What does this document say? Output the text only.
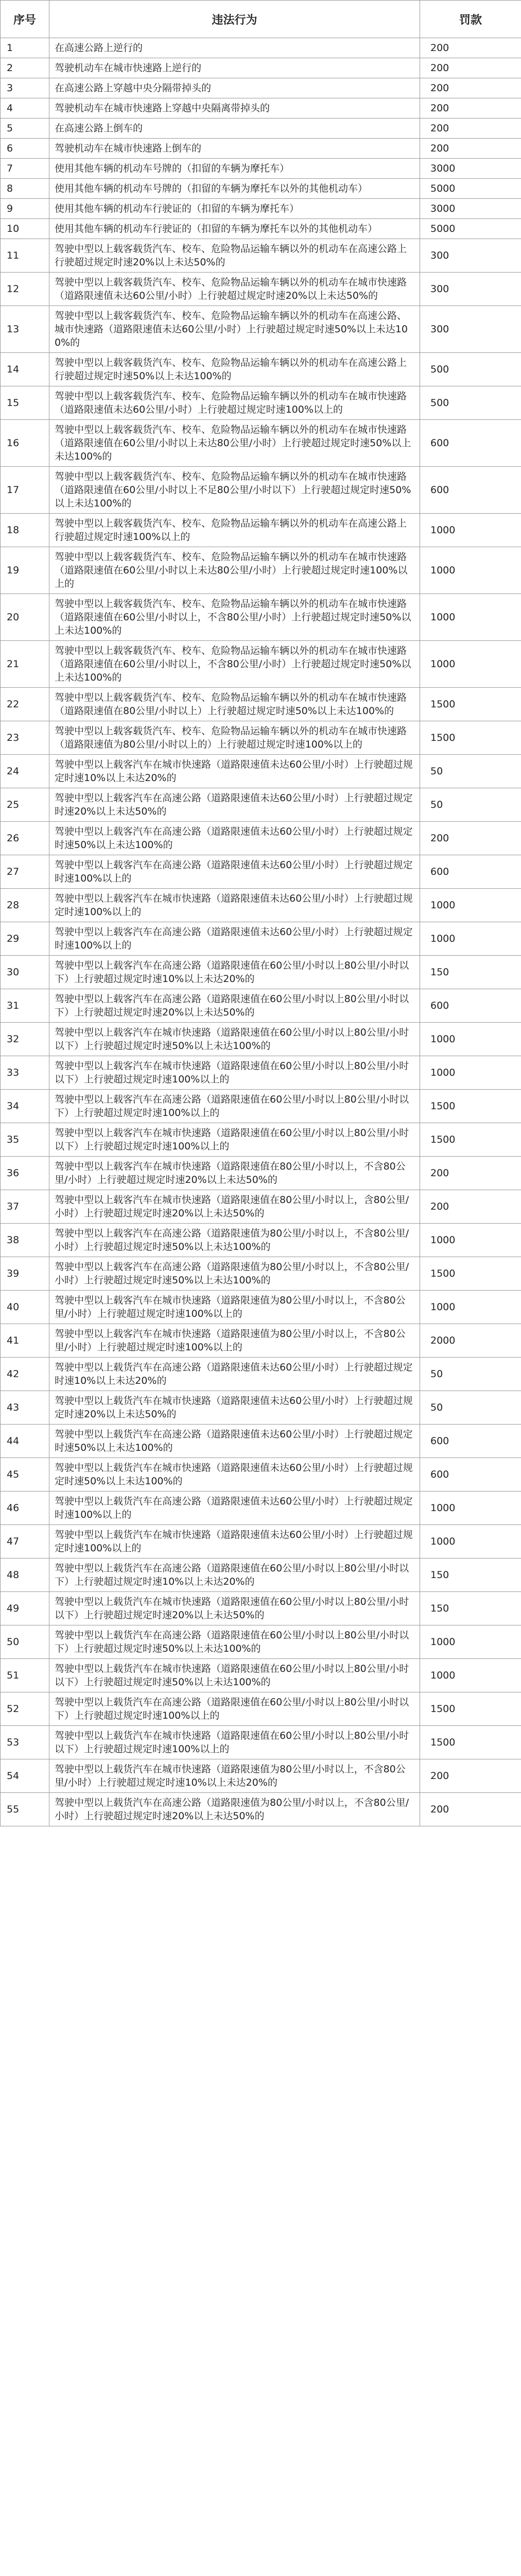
序号	违法行为	罚款
1	在高速公路上逆行的	200
2	驾驶机动车在城市快速路上逆行的	200
3	在高速公路上穿越中央分隔带掉头的	200
4	驾驶机动车在城市快速路上穿越中央隔离带掉头的	200
5	在高速公路上倒车的	200
6	驾驶机动车在城市快速路上倒车的	200
7	使用其他车辆的机动车号牌的（扣留的车辆为摩托车）	3000
8	使用其他车辆的机动车号牌的（扣留的车辆为摩托车以外的其他机动车）	5000
9	使用其他车辆的机动车行驶证的（扣留的车辆为摩托车）	3000
10	使用其他车辆的机动车行驶证的（扣留的车辆为摩托车以外的其他机动车）	5000
11	驾驶中型以上载客载货汽车、校车、危险物品运输车辆以外的机动车在高速公路上行驶超过规定时速20%以上未达50%的	300
12	驾驶中型以上载客载货汽车、校车、危险物品运输车辆以外的机动车在城市快速路（道路限速值未达60公里/小时）上行驶超过规定时速20%以上未达50%的	300
13	驾驶中型以上载客载货汽车、校车、危险物品运输车辆以外的机动车在高速公路、城市快速路（道路限速值未达60公里/小时）上行驶超过规定时速50%以上未达100%的	300
14	驾驶中型以上载客载货汽车、校车、危险物品运输车辆以外的机动车在高速公路上行驶超过规定时速50%以上未达100%的	500
15	驾驶中型以上载客载货汽车、校车、危险物品运输车辆以外的机动车在城市快速路（道路限速值未达60公里/小时）上行驶超过规定时速100%以上的	500
16	驾驶中型以上载客载货汽车、校车、危险物品运输车辆以外的机动车在城市快速路（道路限速值在60公里/小时以上未达80公里/小时）上行驶超过规定时速50%以上未达100%的	600
17	驾驶中型以上载客载货汽车、校车、危险物品运输车辆以外的机动车在城市快速路（道路限速值在60公里/小时以上不足80公里/小时以下）上行驶超过规定时速50%以上未达100%的	600
18	驾驶中型以上载客载货汽车、校车、危险物品运输车辆以外的机动车在高速公路上行驶超过规定时速100%以上的	1000
19	驾驶中型以上载客载货汽车、校车、危险物品运输车辆以外的机动车在城市快速路（道路限速值在60公里/小时以上未达80公里/小时）上行驶超过规定时速100%以上的	1000
20	驾驶中型以上载客载货汽车、校车、危险物品运输车辆以外的机动车在城市快速路（道路限速值在60公里/小时以上，不含80公里/小时）上行驶超过规定时速50%以上未达100%的	1000
21	驾驶中型以上载客载货汽车、校车、危险物品运输车辆以外的机动车在城市快速路（道路限速值在60公里/小时以上，不含80公里/小时）上行驶超过规定时速50%以上未达100%的	1000
22	驾驶中型以上载客载货汽车、校车、危险物品运输车辆以外的机动车在城市快速路（道路限速值在80公里/小时以上）上行驶超过规定时速50%以上未达100%的	1500
23	驾驶中型以上载客载货汽车、校车、危险物品运输车辆以外的机动车在城市快速路（道路限速值为80公里/小时以上的）上行驶超过规定时速100%以上的	1500
24	驾驶中型以上载客汽车在城市快速路（道路限速值未达60公里/小时）上行驶超过规定时速10%以上未达20%的	50
25	驾驶中型以上载客汽车在高速公路（道路限速值未达60公里/小时）上行驶超过规定时速20%以上未达50%的	50
26	驾驶中型以上载客汽车在高速公路（道路限速值未达60公里/小时）上行驶超过规定时速50%以上未达100%的	200
27	驾驶中型以上载客汽车在高速公路（道路限速值未达60公里/小时）上行驶超过规定时速100%以上的	600
28	驾驶中型以上载客汽车在城市快速路（道路限速值未达60公里/小时）上行驶超过规定时速100%以上的	1000
29	驾驶中型以上载客汽车在高速公路（道路限速值未达60公里/小时）上行驶超过规定时速100%以上的	1000
30	驾驶中型以上载客汽车在高速公路（道路限速值在60公里/小时以上80公里/小时以下）上行驶超过规定时速10%以上未达20%的	150
31	驾驶中型以上载客汽车在高速公路（道路限速值在60公里/小时以上80公里/小时以下）上行驶超过规定时速20%以上未达50%的	600
32	驾驶中型以上载客汽车在城市快速路（道路限速值在60公里/小时以上80公里/小时以下）上行驶超过规定时速50%以上未达100%的	1000
33	驾驶中型以上载客汽车在城市快速路（道路限速值在60公里/小时以上80公里/小时以下）上行驶超过规定时速100%以上的	1000
34	驾驶中型以上载客汽车在高速公路（道路限速值在60公里/小时以上80公里/小时以下）上行驶超过规定时速100%以上的	1500
35	驾驶中型以上载客汽车在城市快速路（道路限速值在60公里/小时以上80公里/小时以下）上行驶超过规定时速100%以上的	1500
36	驾驶中型以上载客汽车在城市快速路（道路限速值在80公里/小时以上，不含80公里/小时）上行驶超过规定时速20%以上未达50%的	200
37	驾驶中型以上载客汽车在城市快速路（道路限速值在80公里/小时以上，含80公里/小时）上行驶超过规定时速20%以上未达50%的	200
38	驾驶中型以上载客汽车在高速公路（道路限速值为80公里/小时以上，不含80公里/小时）上行驶超过规定时速50%以上未达100%的	1000
39	驾驶中型以上载客汽车在高速公路（道路限速值为80公里/小时以上，不含80公里/小时）上行驶超过规定时速50%以上未达100%的	1500
40	驾驶中型以上载客汽车在城市快速路（道路限速值为80公里/小时以上，不含80公里/小时）上行驶超过规定时速100%以上的	1000
41	驾驶中型以上载客汽车在城市快速路（道路限速值为80公里/小时以上，不含80公里/小时）上行驶超过规定时速100%以上的	2000
42	驾驶中型以上载货汽车在高速公路（道路限速值未达60公里/小时）上行驶超过规定时速10%以上未达20%的	50
43	驾驶中型以上载货汽车在城市快速路（道路限速值未达60公里/小时）上行驶超过规定时速20%以上未达50%的	50
44	驾驶中型以上载货汽车在高速公路（道路限速值未达60公里/小时）上行驶超过规定时速50%以上未达100%的	600
45	驾驶中型以上载货汽车在城市快速路（道路限速值未达60公里/小时）上行驶超过规定时速50%以上未达100%的	600
46	驾驶中型以上载货汽车在高速公路（道路限速值未达60公里/小时）上行驶超过规定时速100%以上的	1000
47	驾驶中型以上载货汽车在城市快速路（道路限速值未达60公里/小时）上行驶超过规定时速100%以上的	1000
48	驾驶中型以上载货汽车在高速公路（道路限速值在60公里/小时以上80公里/小时以下）上行驶超过规定时速10%以上未达20%的	150
49	驾驶中型以上载货汽车在城市快速路（道路限速值在60公里/小时以上80公里/小时以下）上行驶超过规定时速20%以上未达50%的	150
50	驾驶中型以上载货汽车在高速公路（道路限速值在60公里/小时以上80公里/小时以下）上行驶超过规定时速50%以上未达100%的	1000
51	驾驶中型以上载货汽车在城市快速路（道路限速值在60公里/小时以上80公里/小时以下）上行驶超过规定时速50%以上未达100%的	1000
52	驾驶中型以上载货汽车在高速公路（道路限速值在60公里/小时以上80公里/小时以下）上行驶超过规定时速100%以上的	1500
53	驾驶中型以上载货汽车在城市快速路（道路限速值在60公里/小时以上80公里/小时以下）上行驶超过规定时速100%以上的	1500
54	驾驶中型以上载货汽车在城市快速路（道路限速值为80公里/小时以上，不含80公里/小时）上行驶超过规定时速10%以上未达20%的	200
55	驾驶中型以上载货汽车在高速公路（道路限速值为80公里/小时以上，不含80公里/小时）上行驶超过规定时速20%以上未达50%的	200
